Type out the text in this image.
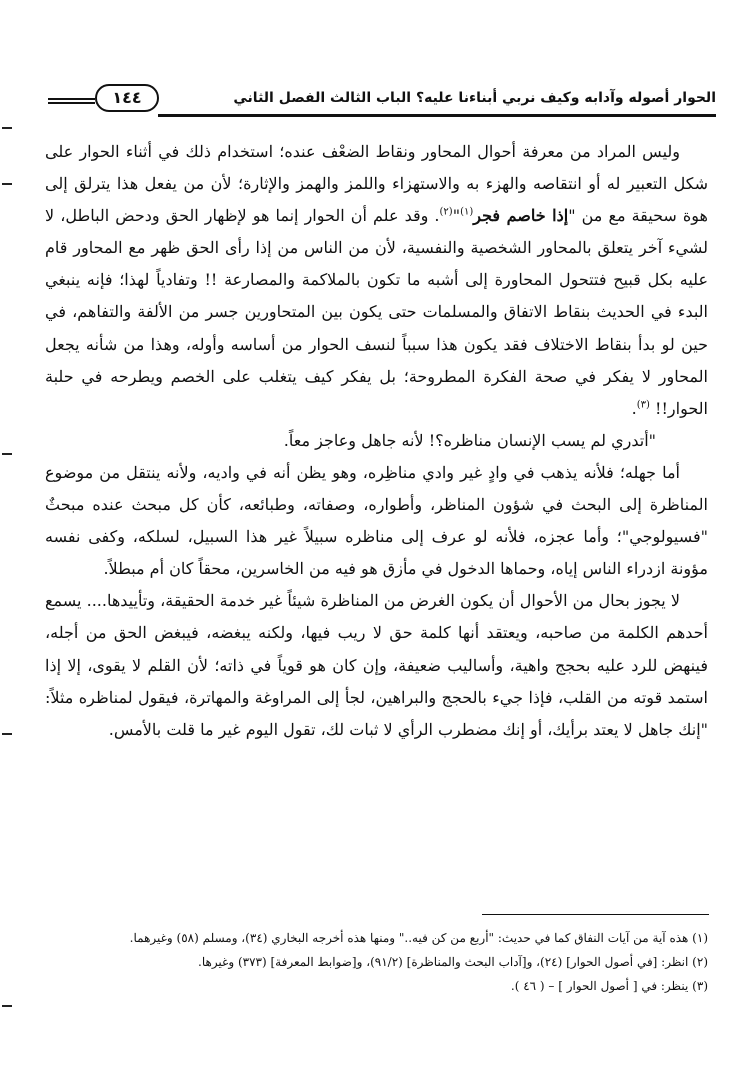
١٤٤	الحوار أصوله وآدابه وكيف نربي أبناءنا عليه؟ الباب الثالث الفصل الثاني

وليس المراد من معرفة أحوال المحاور ونقاط الضعْف عنده؛ استخدام ذلك في أثناء الحوار على شكل التعبير له أو انتقاصه والهزء به والاستهزاء واللمز والهمز والإثارة؛ لأن من يفعل هذا يترلق إلى هوة سحيقة مع من "إذا خاصم فجر$^{(١)}$"$^{(٢)}$. وقد علم أن الحوار إنما هو لإظهار الحق ودحض الباطل، لا لشيء آخر يتعلق بالمحاور الشخصية والنفسية، لأن من الناس من إذا رأى الحق ظهر مع المحاور قام عليه بكل قبيح فتتحول المحاورة إلى أشبه ما تكون بالملاكمة والمصارعة !! وتفادياً لهذا؛ فإنه ينبغي البدء في الحديث بنقاط الاتفاق والمسلمات حتى يكون بين المتحاورين جسر من الألفة والتفاهم، في حين لو بدأ بنقاط الاختلاف فقد يكون هذا سبباً لنسف الحوار من أساسه وأوله، وهذا من شأنه يجعل المحاور لا يفكر في صحة الفكرة المطروحة؛ بل يفكر كيف يتغلب على الخصم ويطرحه في حلبة الحوار!! $^{(٣)}$.

"أتدري لم يسب الإنسان مناظره؟! لأنه جاهل وعاجز معاً.

أما جهله؛ فلأنه يذهب في وادٍ غير وادي مناظِره، وهو يظن أنه في واديه، ولأنه ينتقل من موضوع المناظرة إلى البحث في شؤون المناظر، وأطواره، وصفاته، وطبائعه، كأن كل مبحث عنده مبحثٌ "فسيولوجي"؛ وأما عجزه، فلأنه لو عرف إلى مناظره سبيلاً غير هذا السبيل، لسلكه، وكفى نفسه مؤونة ازدراء الناس إياه، وحماها الدخول في مأزق هو فيه من الخاسرين، محقاً كان أم مبطلاً.

لا يجوز بحال من الأحوال أن يكون الغرض من المناظرة شيئاً غير خدمة الحقيقة، وتأييدها.... يسمع أحدهم الكلمة من صاحبه، ويعتقد أنها كلمة حق لا ريب فيها، ولكنه يبغضه، فيبغض الحق من أجله، فينهض للرد عليه بحجج واهية، وأساليب ضعيفة، وإن كان هو قوياً في ذاته؛ لأن القلم لا يقوى، إلا إذا استمد قوته من القلب، فإذا جيء بالحجج والبراهين، لجأ إلى المراوغة والمهاترة، فيقول لمناظره مثلاً: "إنك جاهل لا يعتد برأيك، أو إنك مضطرب الرأي لا ثبات لك، تقول اليوم غير ما قلت بالأمس.

(١) هذه آية من آيات النفاق كما في حديث: "أربع من كن فيه.." ومنها هذه أخرجه البخاري (٣٤)، ومسلم (٥٨) وغيرهما.
(٢) انظر: [في أصول الحوار] (٢٤)، و[آداب البحث والمناظرة] (٩١/٢)، و[ضوابط المعرفة] (٣٧٣) وغيرها.
(٣) ينظر: في [ أصول الحوار ] – ( ٤٦ ).
